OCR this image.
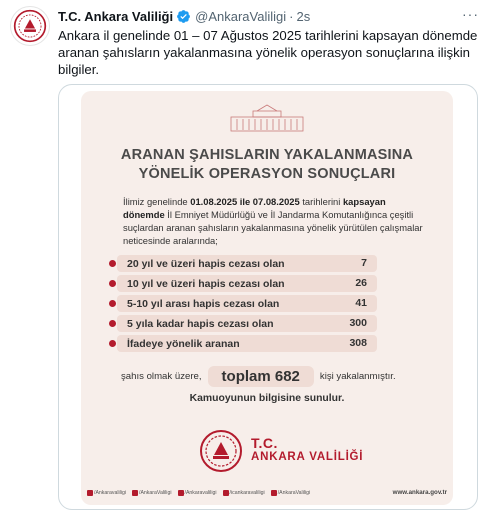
T.C. Ankara Valiliği @AnkaraValiligi · 2s	···
Ankara il genelinde 01 – 07 Ağustos 2025 tarihlerini kapsayan dönemde aranan şahısların yakalanmasına yönelik operasyon sonuçlarına ilişkin bilgiler.
ARANAN ŞAHISLARIN YAKALANMASINA
YÖNELİK OPERASYON SONUÇLARI
İlimiz genelinde 01.08.2025 ile 07.08.2025 tarihlerini kapsayan dönemde İl Emniyet Müdürlüğü ve İl Jandarma Komutanlığınca çeşitli suçlardan aranan şahısların yakalanmasına yönelik yürütülen çalışmalar neticesinde aralarında;
20 yıl ve üzeri hapis cezası olan	7
10 yıl ve üzeri hapis cezası olan	26
5-10 yıl arası hapis cezası olan	41
5 yıla kadar hapis cezası olan	300
İfadeye yönelik aranan	308
şahıs olmak üzere,	toplam 682	kişi yakalanmıştır.
Kamuoyunun bilgisine sunulur.
T.C.
ANKARA VALİLİĞİ
/Ankaravaliligi	/AnkaraValiligi	/Ankaravaliligi	/icankaravaliligi	/AnkaraValiligi	www.ankara.gov.tr
